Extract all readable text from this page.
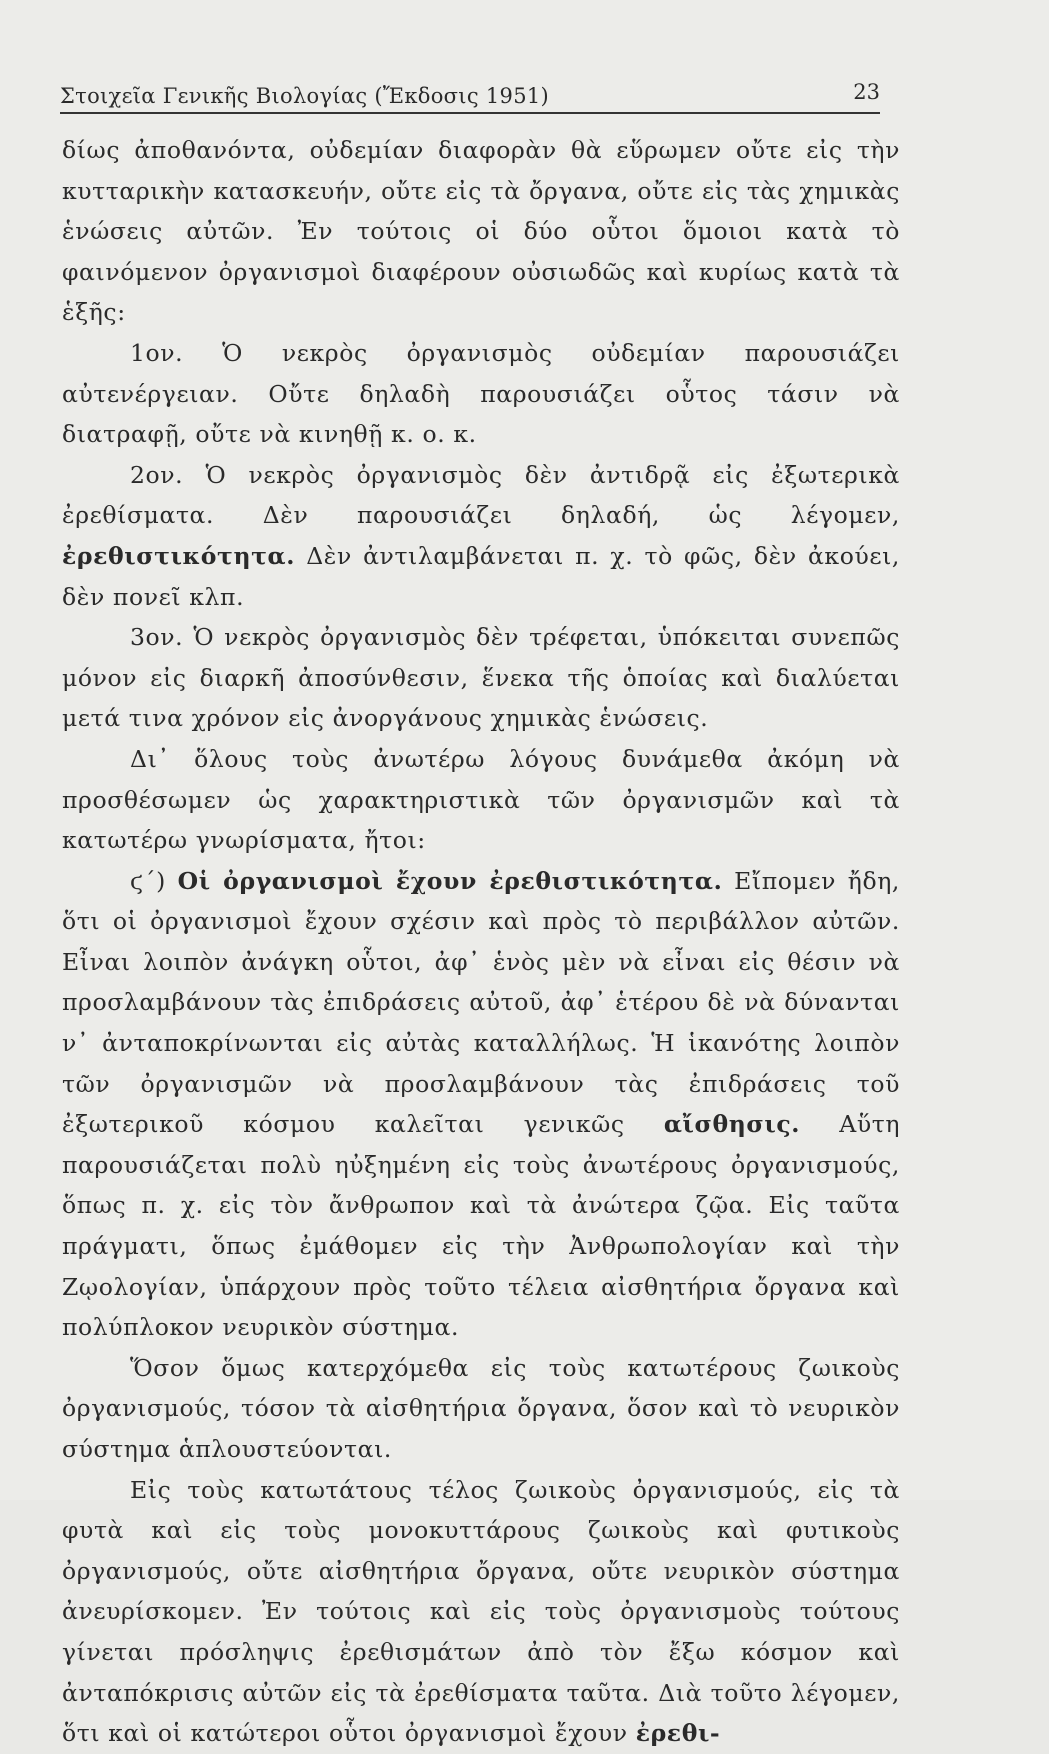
Στοιχεῖα Γενικῆς Βιολογίας (Ἔκδοσις 1951)	23

δίως ἀποθανόντα, οὐδεμίαν διαφορὰν θὰ εὕρωμεν οὔτε εἰς τὴν κυτταρικὴν κατασκευήν, οὔτε εἰς τὰ ὄργανα, οὔτε εἰς τὰς χημικὰς ἑνώσεις αὐτῶν. Ἐν τούτοις οἱ δύο οὗτοι ὅμοιοι κατὰ τὸ φαινόμενον ὀργανισμοὶ διαφέρουν οὐσιωδῶς καὶ κυρίως κατὰ τὰ ἑξῆς:

1ον. Ὁ νεκρὸς ὀργανισμὸς οὐδεμίαν παρουσιάζει αὐτενέργειαν. Οὔτε δηλαδὴ παρουσιάζει οὗτος τάσιν νὰ διατραφῇ, οὔτε νὰ κινηθῇ κ. ο. κ.

2ον. Ὁ νεκρὸς ὀργανισμὸς δὲν ἀντιδρᾷ εἰς ἐξωτερικὰ ἐρεθίσματα. Δὲν παρουσιάζει δηλαδή, ὡς λέγομεν, ἐρεθιστικότητα. Δὲν ἀντιλαμβάνεται π. χ. τὸ φῶς, δὲν ἀκούει, δὲν πονεῖ κλπ.

3ον. Ὁ νεκρὸς ὀργανισμὸς δὲν τρέφεται, ὑπόκειται συνεπῶς μόνον εἰς διαρκῆ ἀποσύνθεσιν, ἕνεκα τῆς ὁποίας καὶ διαλύεται μετά τινα χρόνον εἰς ἀνοργάνους χημικὰς ἑνώσεις.

Δι᾽ ὅλους τοὺς ἀνωτέρω λόγους δυνάμεθα ἀκόμη νὰ προσθέσωμεν ὡς χαρακτηριστικὰ τῶν ὀργανισμῶν καὶ τὰ κατωτέρω γνωρίσματα, ἤτοι:

ϛ΄) Οἱ ὀργανισμοὶ ἔχουν ἐρεθιστικότητα. Εἴπομεν ἤδη, ὅτι οἱ ὀργανισμοὶ ἔχουν σχέσιν καὶ πρὸς τὸ περιβάλλον αὐτῶν. Εἶναι λοιπὸν ἀνάγκη οὗτοι, ἀφ᾽ ἑνὸς μὲν νὰ εἶναι εἰς θέσιν νὰ προσλαμβάνουν τὰς ἐπιδράσεις αὐτοῦ, ἀφ᾽ ἑτέρου δὲ νὰ δύνανται ν᾽ ἀνταποκρίνωνται εἰς αὐτὰς καταλλήλως. Ἡ ἱκανότης λοιπὸν τῶν ὀργανισμῶν νὰ προσλαμβάνουν τὰς ἐπιδράσεις τοῦ ἐξωτερικοῦ κόσμου καλεῖται γενικῶς αἴσθησις. Αὕτη παρουσιάζεται πολὺ ηὐξημένη εἰς τοὺς ἀνωτέρους ὀργανισμούς, ὅπως π. χ. εἰς τὸν ἄνθρωπον καὶ τὰ ἀνώτερα ζῷα. Εἰς ταῦτα πράγματι, ὅπως ἐμάθομεν εἰς τὴν Ἀνθρωπολογίαν καὶ τὴν Ζῳολογίαν, ὑπάρχουν πρὸς τοῦτο τέλεια αἰσθητήρια ὄργανα καὶ πολύπλοκον νευρικὸν σύστημα.

Ὅσον ὅμως κατερχόμεθα εἰς τοὺς κατωτέρους ζωικοὺς ὀργανισμούς, τόσον τὰ αἰσθητήρια ὄργανα, ὅσον καὶ τὸ νευρικὸν σύστημα ἁπλουστεύονται.

Εἰς τοὺς κατωτάτους τέλος ζωικοὺς ὀργανισμούς, εἰς τὰ φυτὰ καὶ εἰς τοὺς μονοκυττάρους ζωικοὺς καὶ φυτικοὺς ὀργανισμούς, οὔτε αἰσθητήρια ὄργανα, οὔτε νευρικὸν σύστημα ἀνευρίσκομεν. Ἐν τούτοις καὶ εἰς τοὺς ὀργανισμοὺς τούτους γίνεται πρόσληψις ἐρεθισμάτων ἀπὸ τὸν ἔξω κόσμον καὶ ἀνταπόκρισις αὐτῶν εἰς τὰ ἐρεθίσματα ταῦτα. Διὰ τοῦτο λέγομεν, ὅτι καὶ οἱ κατώτεροι οὗτοι ὀργανισμοὶ ἔχουν ἐρεθι-
